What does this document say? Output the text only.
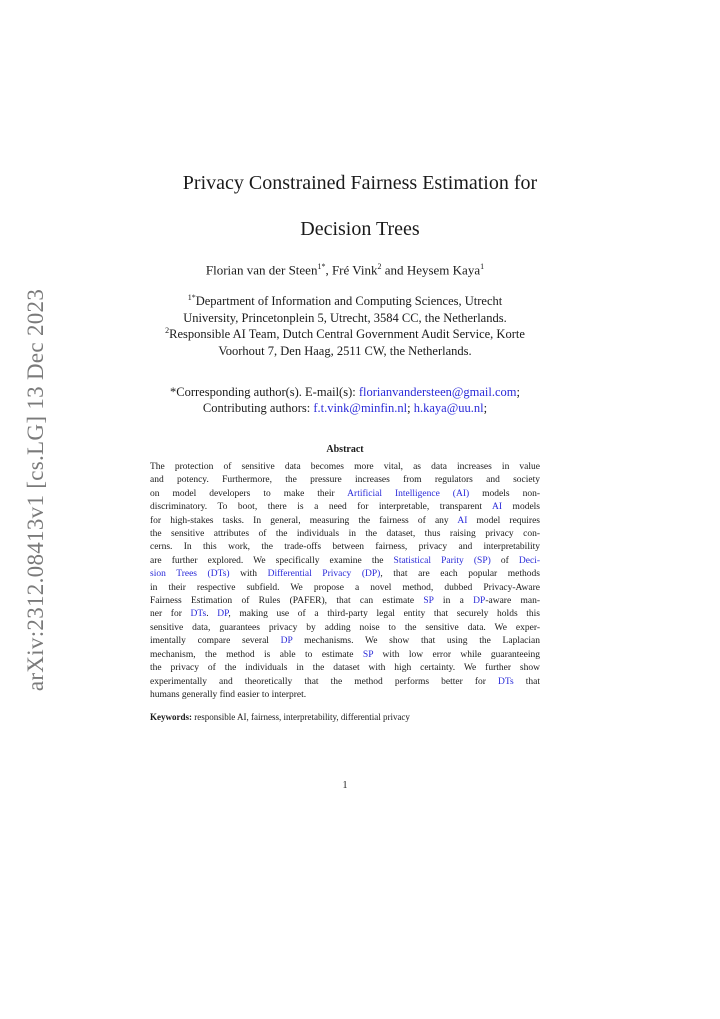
arXiv:2312.08413v1 [cs.LG] 13 Dec 2023
Privacy Constrained Fairness Estimation for
Decision Trees
Florian van der Steen$^{1*}$, Fré Vink$^2$ and Heysem Kaya$^1$
$^{1*}$Department of Information and Computing Sciences, Utrecht
University, Princetonplein 5, Utrecht, 3584 CC, the Netherlands.
$^2$Responsible AI Team, Dutch Central Government Audit Service, Korte
Voorhout 7, Den Haag, 2511 CW, the Netherlands.
*Corresponding author(s). E-mail(s): florianvandersteen@gmail.com;
Contributing authors: f.t.vink@minfin.nl; h.kaya@uu.nl;
Abstract
The protection of sensitive data becomes more vital, as data increases in value
and potency. Furthermore, the pressure increases from regulators and society
on model developers to make their Artificial Intelligence (AI) models non-
discriminatory. To boot, there is a need for interpretable, transparent AI models
for high-stakes tasks. In general, measuring the fairness of any AI model requires
the sensitive attributes of the individuals in the dataset, thus raising privacy con-
cerns. In this work, the trade-offs between fairness, privacy and interpretability
are further explored. We specifically examine the Statistical Parity (SP) of Deci-
sion Trees (DTs) with Differential Privacy (DP), that are each popular methods
in their respective subfield. We propose a novel method, dubbed Privacy-Aware
Fairness Estimation of Rules (PAFER), that can estimate SP in a DP-aware man-
ner for DTs. DP, making use of a third-party legal entity that securely holds this
sensitive data, guarantees privacy by adding noise to the sensitive data. We exper-
imentally compare several DP mechanisms. We show that using the Laplacian
mechanism, the method is able to estimate SP with low error while guaranteeing
the privacy of the individuals in the dataset with high certainty. We further show
experimentally and theoretically that the method performs better for DTs that
humans generally find easier to interpret.
Keywords: responsible AI, fairness, interpretability, differential privacy
1
